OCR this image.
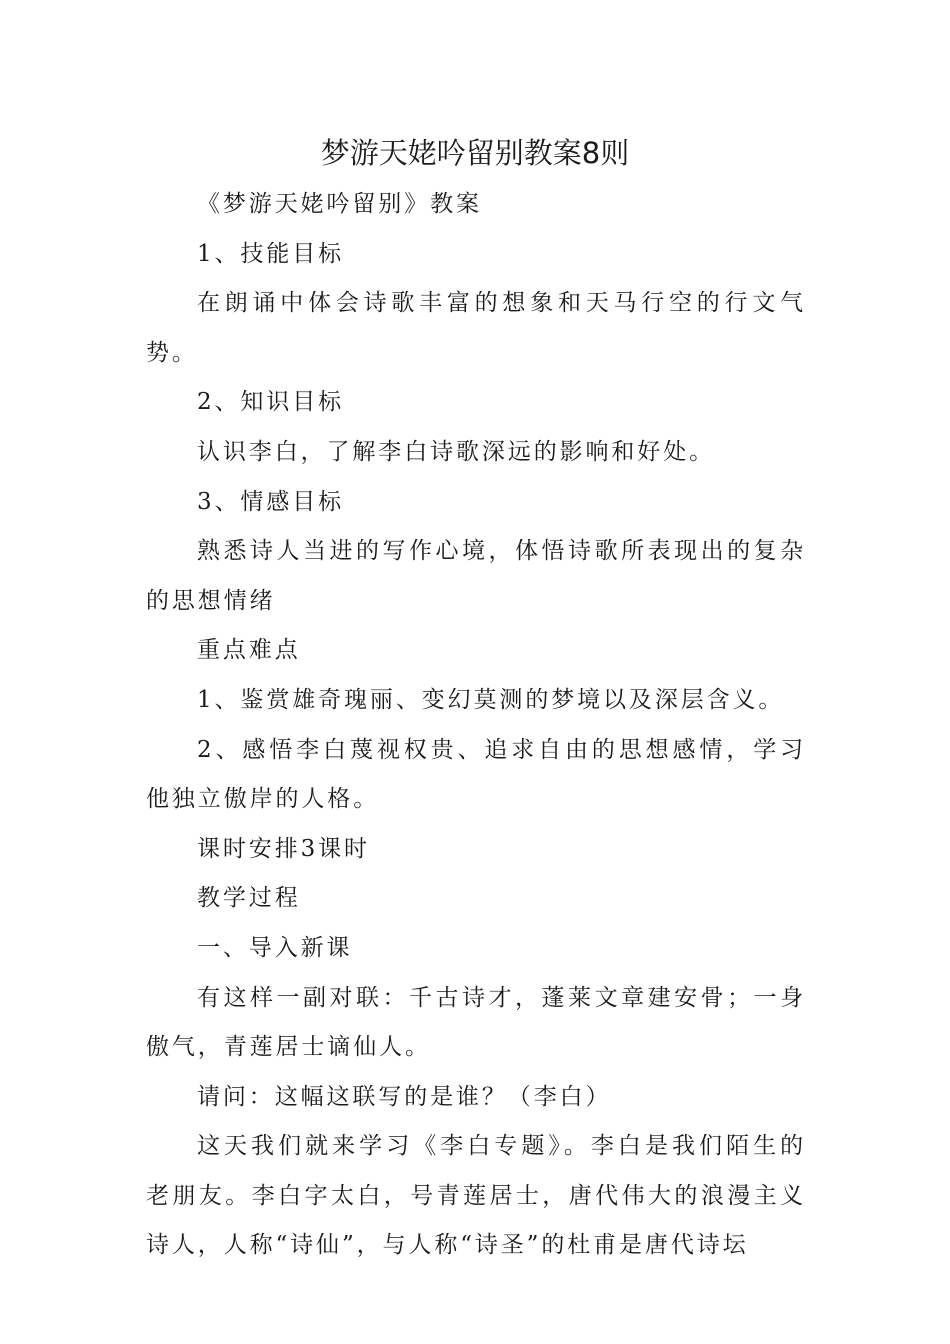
梦游天姥吟留别教案8则

《梦游天姥吟留别》教案

1、技能目标

在朗诵中体会诗歌丰富的想象和天马行空的行文气势。

2、知识目标

认识李白，了解李白诗歌深远的影响和好处。

3、情感目标

熟悉诗人当进的写作心境，体悟诗歌所表现出的复杂的思想情绪

重点难点

1、鉴赏雄奇瑰丽、变幻莫测的梦境以及深层含义。

2、感悟李白蔑视权贵、追求自由的思想感情，学习他独立傲岸的人格。

课时安排3课时

教学过程

一、导入新课

有这样一副对联：千古诗才，蓬莱文章建安骨；一身傲气，青莲居士谪仙人。

请问：这幅这联写的是谁？（李白）

这天我们就来学习《李白专题》。李白是我们陌生的老朋友。李白字太白，号青莲居士，唐代伟大的浪漫主义诗人，人称“诗仙”，与人称“诗圣”的杜甫是唐代诗坛
